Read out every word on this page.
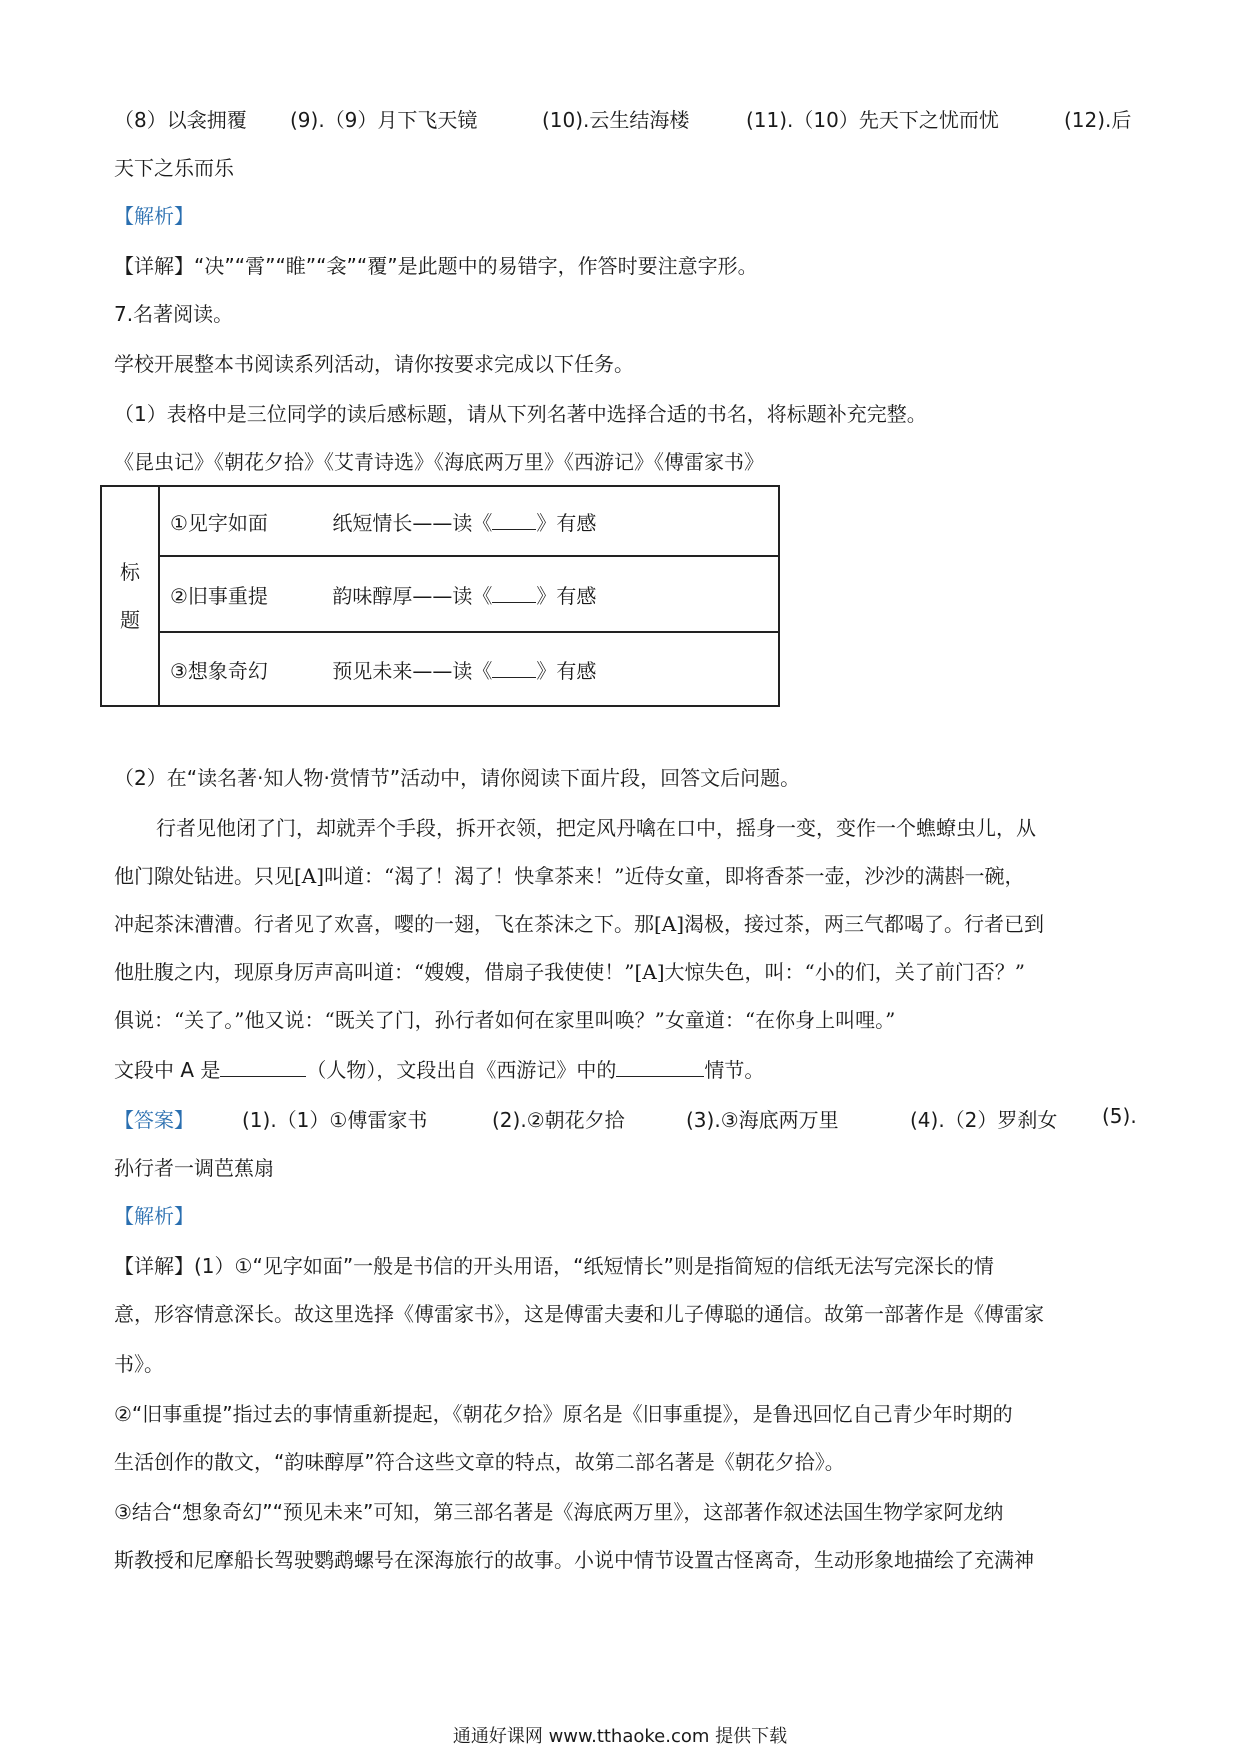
（8）以衾拥覆 (9).（9）月下飞天镜	(10).云生结海楼	(11).（10）先天下之忧而忧	(12).后
天下之乐而乐
【解析】
【详解】“决”“霄”“睢”“衾”“覆”是此题中的易错字，作答时要注意字形。
7.名著阅读。
学校开展整本书阅读系列活动，请你按要求完成以下任务。
（1）表格中是三位同学的读后感标题，请从下列名著中选择合适的书名，将标题补充完整。
《昆虫记》《朝花夕拾》《艾青诗选》《海底两万里》《西游记》《傅雷家书》
标
题	①见字如面	纸短情长——读《 》有感
②旧事重提	韵味醇厚——读《 》有感
③想象奇幻	预见未来——读《 》有感
（2）在“读名著·知人物·赏情节”活动中，请你阅读下面片段，回答文后问题。
行者见他闭了门，却就弄个手段，拆开衣领，把定风丹噙在口中，摇身一变，变作一个蟭蟟虫儿，从
他门隙处钻进。只见[A]叫道：“渴了！渴了！快拿茶来！”近侍女童，即将香茶一壶，沙沙的满斟一碗，
冲起茶沫漕漕。行者见了欢喜，嘤的一翅，飞在茶沫之下。那[A]渴极，接过茶，两三气都喝了。行者已到
他肚腹之内，现原身厉声高叫道：“嫂嫂，借扇子我使使！”[A]大惊失色，叫：“小的们，关了前门否？”
俱说：“关了。”他又说：“既关了门，孙行者如何在家里叫唤？”女童道：“在你身上叫哩。”
文段中 A 是	（人物），文段出自《西游记》中的	情节。
【答案】 (1).（1）①傅雷家书	(2).②朝花夕拾	(3).③海底两万里	(4).（2）罗刹女 (5).
孙行者一调芭蕉扇
【解析】
【详解】(1）①“见字如面”一般是书信的开头用语，“纸短情长”则是指简短的信纸无法写完深长的情
意，形容情意深长。故这里选择《傅雷家书》，这是傅雷夫妻和儿子傅聪的通信。故第一部著作是《傅雷家
书》。
②“旧事重提”指过去的事情重新提起，《朝花夕拾》原名是《旧事重提》，是鲁迅回忆自己青少年时期的
生活创作的散文，“韵味醇厚”符合这些文章的特点，故第二部名著是《朝花夕拾》。
③结合“想象奇幻”“预见未来”可知，第三部名著是《海底两万里》，这部著作叙述法国生物学家阿龙纳
斯教授和尼摩船长驾驶鹦鹉螺号在深海旅行的故事。小说中情节设置古怪离奇，生动形象地描绘了充满神
通通好课网 www.tthaoke.com 提供下载
